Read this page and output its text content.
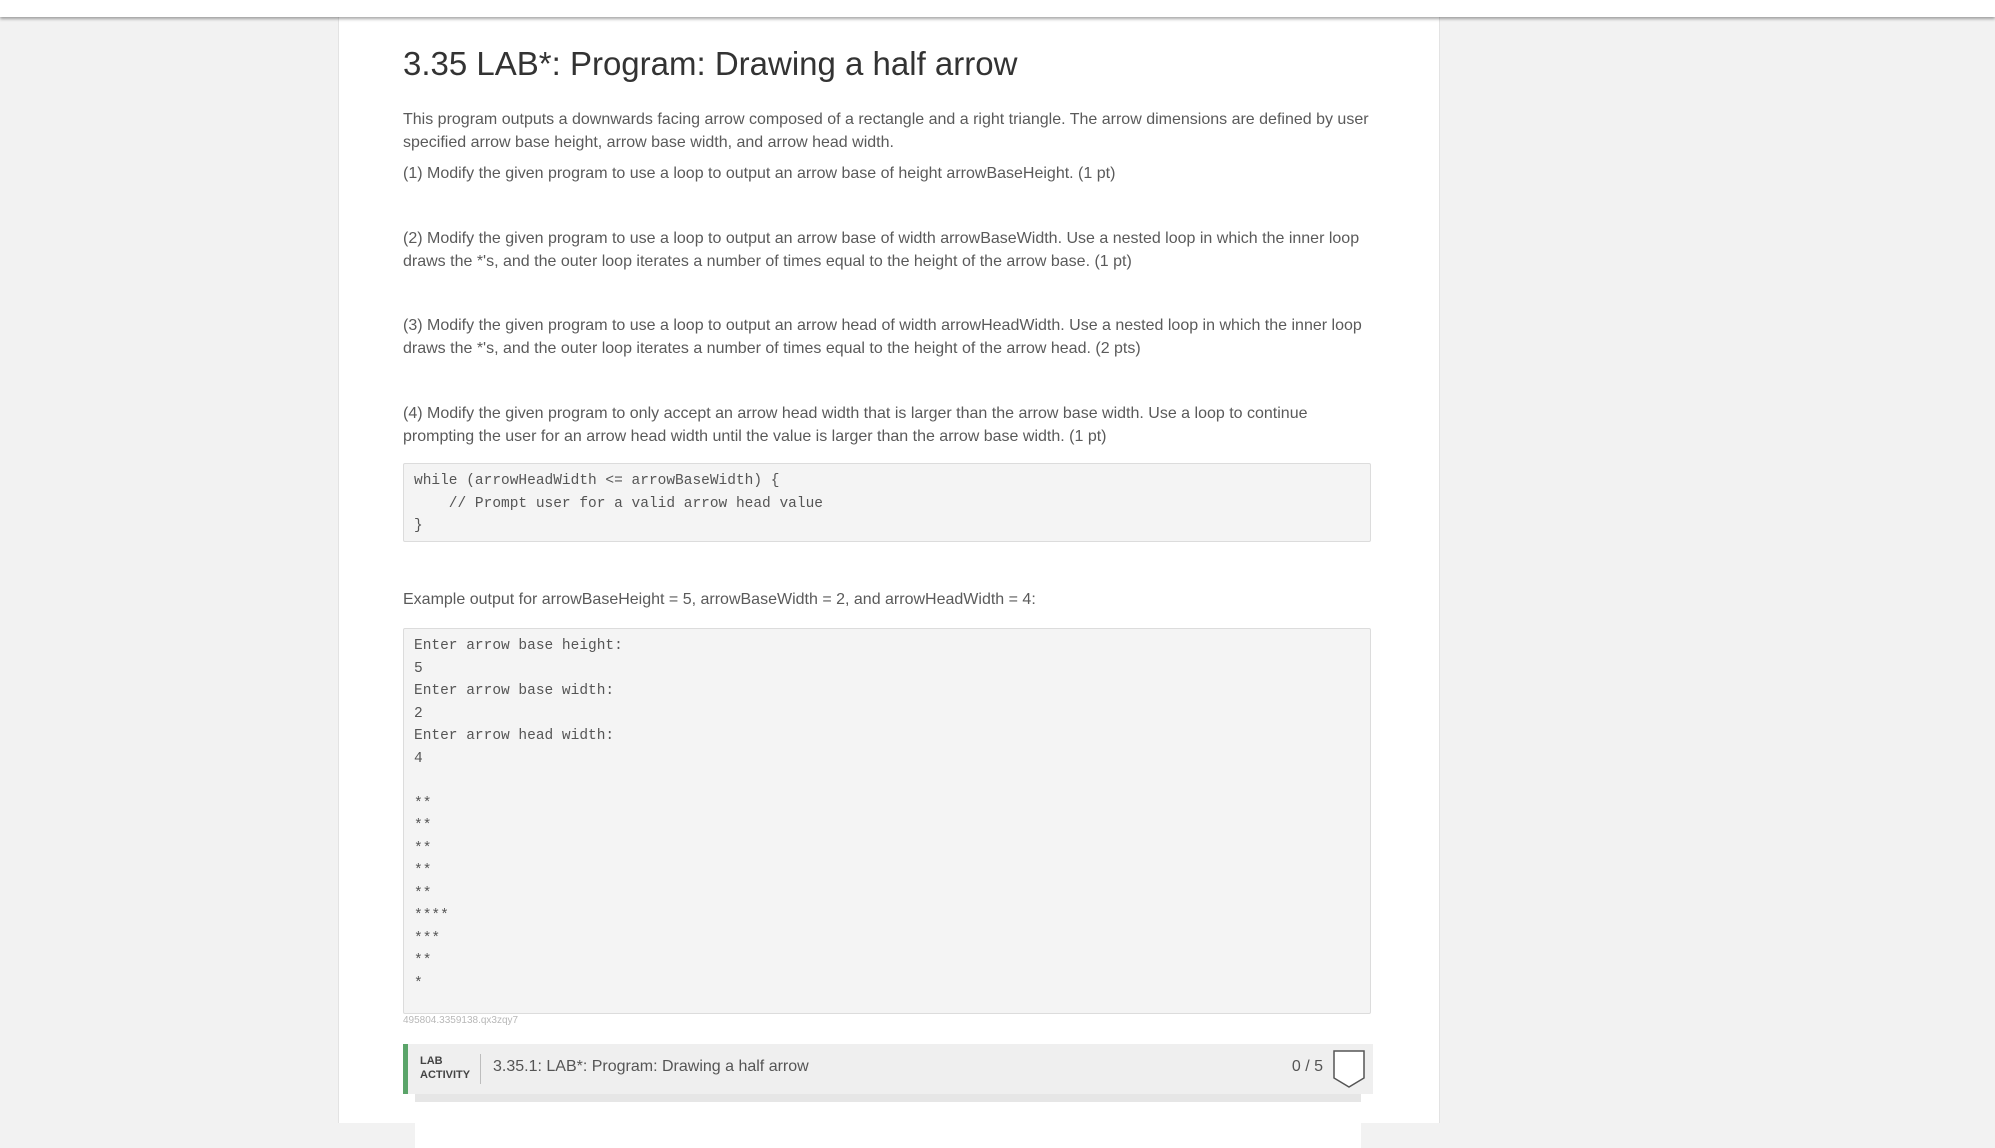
3.35 LAB*: Program: Drawing a half arrow

This program outputs a downwards facing arrow composed of a rectangle and a right triangle. The arrow dimensions are defined by user specified arrow base height, arrow base width, and arrow head width.

(1) Modify the given program to use a loop to output an arrow base of height arrowBaseHeight. (1 pt)

(2) Modify the given program to use a loop to output an arrow base of width arrowBaseWidth. Use a nested loop in which the inner loop draws the *'s, and the outer loop iterates a number of times equal to the height of the arrow base. (1 pt)

(3) Modify the given program to use a loop to output an arrow head of width arrowHeadWidth. Use a nested loop in which the inner loop draws the *'s, and the outer loop iterates a number of times equal to the height of the arrow head. (2 pts)

(4) Modify the given program to only accept an arrow head width that is larger than the arrow base width. Use a loop to continue prompting the user for an arrow head width until the value is larger than the arrow base width. (1 pt)

while (arrowHeadWidth <= arrowBaseWidth) {
// Prompt user for a valid arrow head value
}

Example output for arrowBaseHeight = 5, arrowBaseWidth = 2, and arrowHeadWidth = 4:

Enter arrow base height:
5
Enter arrow base width:
2
Enter arrow head width:
4
**
**
**
**
**
****
***
**
*
495804.3359138.qx3zqy7
LAB
ACTIVITY 3.35.1: LAB*: Program: Drawing a half arrow	0 / 5
